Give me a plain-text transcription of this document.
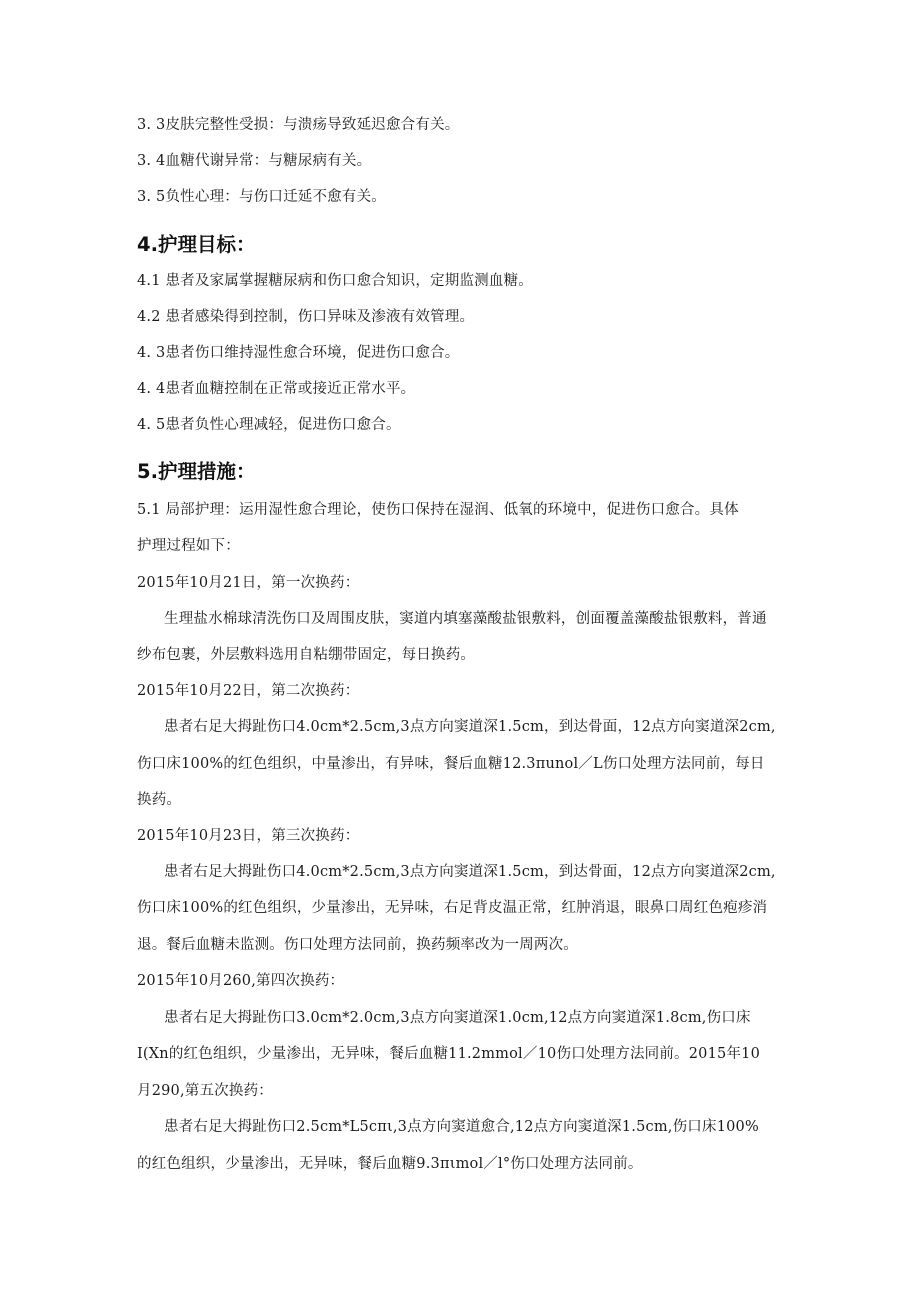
3. 3皮肤完整性受损：与溃疡导致延迟愈合有关。
3. 4血糖代谢异常：与糖尿病有关。
3. 5负性心理：与伤口迁延不愈有关。
4.护理目标：
4.1 患者及家属掌握糖尿病和伤口愈合知识，定期监测血糖。
4.2 患者感染得到控制，伤口异味及渗液有效管理。
4. 3患者伤口维持湿性愈合环境，促进伤口愈合。
4. 4患者血糖控制在正常或接近正常水平。
4. 5患者负性心理减轻，促进伤口愈合。
5.护理措施：
5.1 局部护理：运用湿性愈合理论，使伤口保持在湿润、低氧的环境中，促进伤口愈合。具体
护理过程如下：
2015年10月21日，第一次换药：
生理盐水棉球清洗伤口及周围皮肤，窦道内填塞藻酸盐银敷料，创面覆盖藻酸盐银敷料，普通
纱布包裹，外层敷料选用自粘绷带固定，每日换药。
2015年10月22日，第二次换药：
患者右足大拇趾伤口4.0cm*2.5cm,3点方向窦道深1.5cm，到达骨面，12点方向窦道深2cm,
伤口床100%的红色组织，中量渗出，有异味，餐后血糖12.3πunol／L伤口处理方法同前，每日
换药。
2015年10月23日，第三次换药：
患者右足大拇趾伤口4.0cm*2.5cm,3点方向窦道深1.5cm，到达骨面，12点方向窦道深2cm,
伤口床100%的红色组织，少量渗出，无异味，右足背皮温正常，红肿消退，眼鼻口周红色疱疹消
退。餐后血糖未监测。伤口处理方法同前，换药频率改为一周两次。
2015年10月260,第四次换药：
患者右足大拇趾伤口3.0cm*2.0cm,3点方向窦道深1.0cm,12点方向窦道深1.8cm,伤口床
I(Xn的红色组织，少量渗出，无异味，餐后血糖11.2mmol／10伤口处理方法同前。2015年10
月290,第五次换药：
患者右足大拇趾伤口2.5cm*L5cπι,3点方向窦道愈合,12点方向窦道深1.5cm,伤口床100%
的红色组织，少量渗出，无异味，餐后血糖9.3πιmol／l°伤口处理方法同前。
